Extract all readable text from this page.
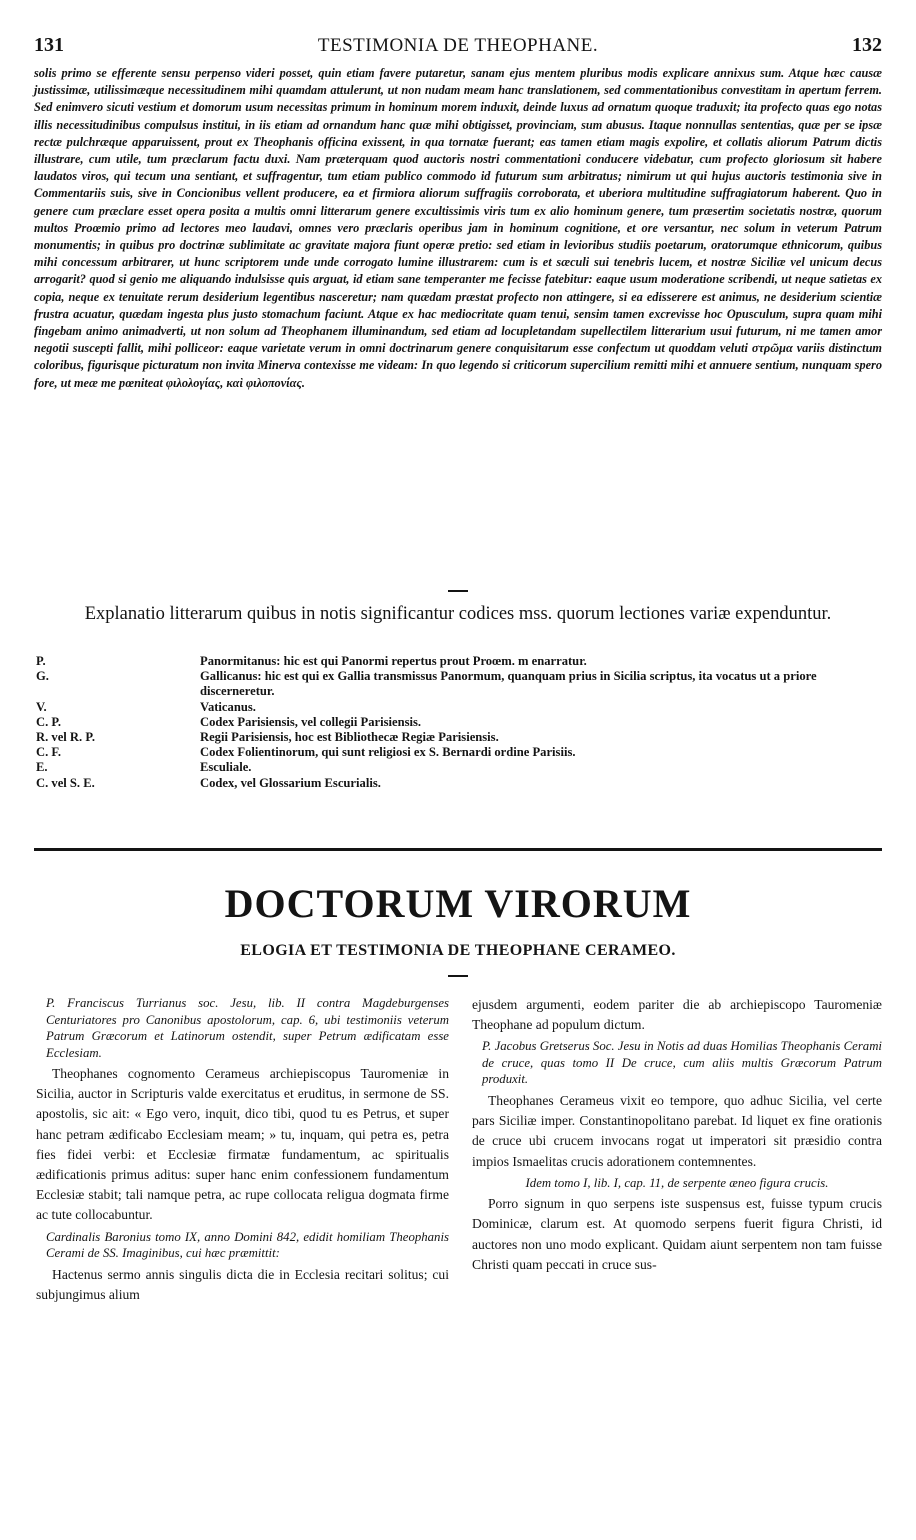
131	TESTIMONIA DE THEOPHANE.	132

solis primo se efferente sensu perpenso videri posset, quin etiam favere putaretur, sanam ejus mentem pluribus modis explicare annixus sum. Atque hæc causæ justissimæ, utilissimæque necessitudinem mihi quamdam attulerunt, ut non nudam meam hanc translationem, sed commentationibus convestitam in apertum ferrem. Sed enimvero sicuti vestium et domorum usum necessitas primum in hominum morem induxit, deinde luxus ad ornatum quoque traduxit; ita profecto quas ego notas illis necessitudinibus compulsus institui, in iis etiam ad ornandum hanc quæ mihi obtigisset, provinciam, sum abusus. Itaque nonnullas sententias, quæ per se ipsæ rectæ pulchræque apparuissent, prout ex Theophanis officina exissent, in qua tornatæ fuerant; eas tamen etiam magis expolire, et collatis aliorum Patrum dictis illustrare, cum utile, tum præclarum factu duxi. Nam præterquam quod auctoris nostri commentationi conducere videbatur, cum profecto gloriosum sit habere laudatos viros, qui tecum una sentiant, et suffragentur, tum etiam publico commodo id futurum sum arbitratus; nimirum ut qui hujus auctoris testimonia sive in Commentariis suis, sive in Concionibus vellent producere, ea et firmiora aliorum suffragiis corroborata, et uberiora multitudine suffragiatorum haberent. Quo in genere cum præclare esset opera posita a multis omni litterarum genere excultissimis viris tum ex alio hominum genere, tum præsertim societatis nostræ, quorum multos Proœmio primo ad lectores meo laudavi, omnes vero præclaris operibus jam in hominum cognitione, et ore versantur, nec solum in veterum Patrum monumentis; in quibus pro doctrinæ sublimitate ac gravitate majora fiunt operæ pretio: sed etiam in levioribus studiis poetarum, oratorumque ethnicorum, quibus mihi concessum arbitrarer, ut hunc scriptorem unde unde corrogato lumine illustrarem: cum is et sæculi sui tenebris lucem, et nostræ Siciliæ vel unicum decus arrogarit? quod si genio me aliquando indulsisse quis arguat, id etiam sane temperanter me fecisse fatebitur: eaque usum moderatione scribendi, ut neque satietas ex copia, neque ex tenuitate rerum desiderium legentibus nasceretur; nam quædam præstat profecto non attingere, si ea edisserere est animus, ne desiderium scientiæ frustra acuatur, quædam ingesta plus justo stomachum faciunt. Atque ex hac mediocritate quam tenui, sensim tamen excrevisse hoc Opusculum, supra quam mihi fingebam animo animadverti, ut non solum ad Theophanem illuminandum, sed etiam ad locupletandam supellectilem litterarium usui futurum, ni me tamen amor negotii suscepti fallit, mihi polliceor: eaque varietate verum in omni doctrinarum genere conquisitarum esse confectum ut quoddam veluti στρῶμα variis distinctum coloribus, figurisque picturatum non invita Minerva contexisse me videam: In quo legendo si criticorum supercilium remitti mihi et annuere sentium, nunquam spero fore, ut meæ me pœniteat φιλολογίας, καὶ φιλοπονίας.

Explanatio litterarum quibus in notis significantur codices mss. quorum lectiones variæ expenduntur.
P.	Panormitanus: hic est qui Panormi repertus prout Proœm. m enarratur.
G.	Gallicanus: hic est qui ex Gallia transmissus Panormum, quanquam prius in Sicilia scriptus, ita vocatus ut a priore discerneretur.
V.	Vaticanus.
C. P.	Codex Parisiensis, vel collegii Parisiensis.
R. vel R. P.	Regii Parisiensis, hoc est Bibliothecæ Regiæ Parisiensis.
C. F.	Codex Folientinorum, qui sunt religiosi ex S. Bernardi ordine Parisiis.
E.	Esculiale.
C. vel S. E.	Codex, vel Glossarium Escurialis.
DOCTORUM VIRORUM
ELOGIA ET TESTIMONIA DE THEOPHANE CERAMEO.

P. Franciscus Turrianus soc. Jesu, lib. II contra Magdeburgenses Centuriatores pro Canonibus apostolorum, cap. 6, ubi testimoniis veterum Patrum Græcorum et Latinorum ostendit, super Petrum ædificatam esse Ecclesiam.

Theophanes cognomento Cerameus archiepiscopus Tauromeniæ in Sicilia, auctor in Scripturis valde exercitatus et eruditus, in sermone de SS. apostolis, sic ait: « Ego vero, inquit, dico tibi, quod tu es Petrus, et super hanc petram ædificabo Ecclesiam meam; » tu, inquam, qui petra es, petra fies fidei verbi: et Ecclesiæ firmatæ fundamentum, ac spiritualis ædificationis primus aditus: super hanc enim confessionem fundamentum Ecclesiæ stabit; tali namque petra, ac rupe collocata religua dogmata firme ac tute collocabuntur.

Cardinalis Baronius tomo IX, anno Domini 842, edidit homiliam Theophanis Cerami de SS. Imaginibus, cui hæc præmittit:

Hactenus sermo annis singulis dicta die in Ecclesia recitari solitus; cui subjungimus alium

ejusdem argumenti, eodem pariter die ab archiepiscopo Tauromeniæ Theophane ad populum dictum.

P. Jacobus Gretserus Soc. Jesu in Notis ad duas Homilias Theophanis Cerami de cruce, quas tomo II De cruce, cum aliis multis Græcorum Patrum produxit.

Theophanes Cerameus vixit eo tempore, quo adhuc Sicilia, vel certe pars Siciliæ imper. Constantinopolitano parebat. Id liquet ex fine orationis de cruce ubi crucem invocans rogat ut imperatori sit præsidio contra impios Ismaelitas crucis adorationem contemnentes.

Idem tomo I, lib. I, cap. 11, de serpente æneo figura crucis.

Porro signum in quo serpens iste suspensus est, fuisse typum crucis Dominicæ, clarum est. At quomodo serpens fuerit figura Christi, id auctores non uno modo explicant. Quidam aiunt serpentem non tam fuisse Christi quam peccati in cruce sus-
